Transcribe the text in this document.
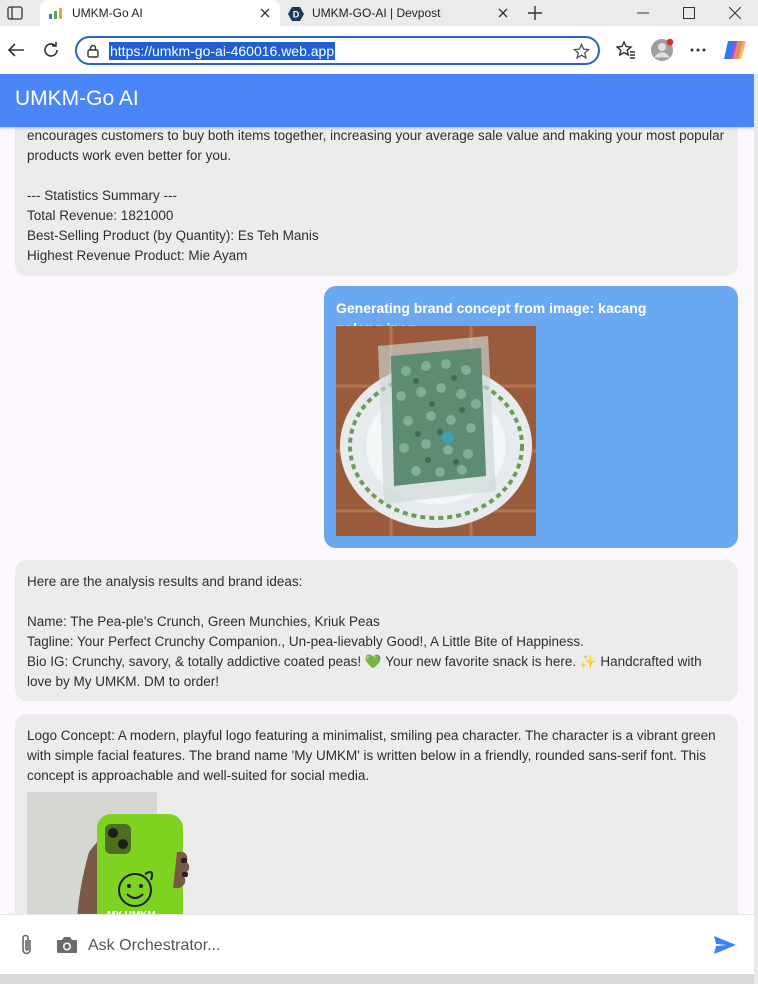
UMKM-Go AI	D UMKM-GO-AI | Devpost
https://umkm-go-ai-460016.web.app
UMKM-Go AI

encourages customers to buy both items together, increasing your average sale value and making your most popular products work even better for you.

--- Statistics Summary ---
Total Revenue: 1821000
Best-Selling Product (by Quantity): Es Teh Manis
Highest Revenue Product: Mie Ayam

Generating brand concept from image: kacang

Here are the analysis results and brand ideas:

Name: The Pea-ple's Crunch, Green Munchies, Kriuk Peas
Tagline: Your Perfect Crunchy Companion., Un-pea-lievably Good!, A Little Bite of Happiness.
Bio IG: Crunchy, savory, & totally addictive coated peas! 💚 Your new favorite snack is here. ✨ Handcrafted with love by My UMKM. DM to order!

Logo Concept: A modern, playful logo featuring a minimalist, smiling pea character. The character is a vibrant green with simple facial features. The brand name 'My UMKM' is written below in a friendly, rounded sans-serif font. This concept is approachable and well-suited for social media.

Ask Orchestrator...
